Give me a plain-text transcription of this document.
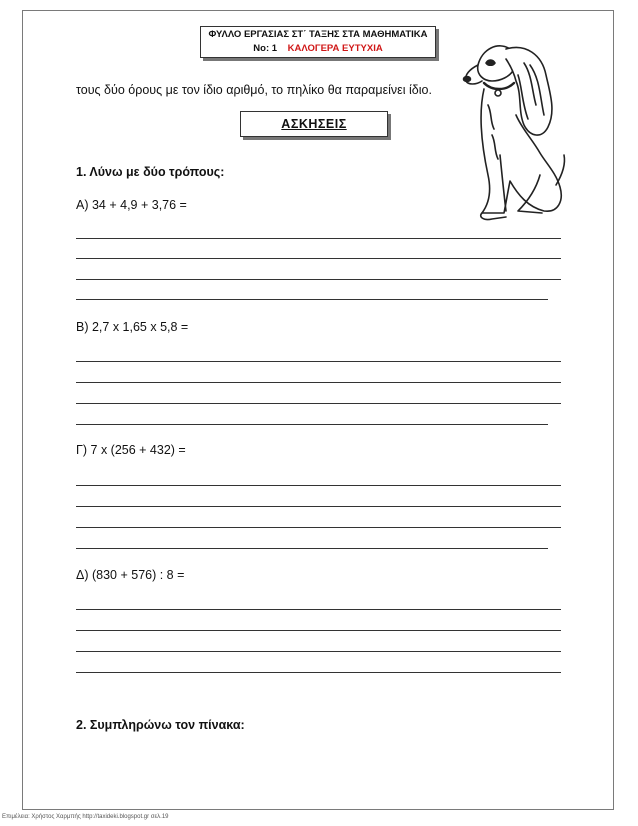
ΦΥΛΛΟ ΕΡΓΑΣΙΑΣ ΣΤ΄ ΤΑΞΗΣ ΣΤΑ ΜΑΘΗΜΑΤΙΚΑ
Νο: 1 ΚΑΛΟΓΕΡΑ ΕΥΤΥΧΙΑ
τους δύο όρους με τον ίδιο αριθμό, το πηλίκο θα παραμείνει ίδιο.
ΑΣΚΗΣΕΙΣ
1. Λύνω με δύο τρόπους:
Α) 34 + 4,9 + 3,76 =
Β) 2,7 x 1,65 x 5,8 =
Γ) 7 x (256 + 432) =
Δ) (830 + 576) : 8 =
2. Συμπληρώνω τον πίνακα:
Επιμέλεια: Χρήστος Χαρμπής http://taxideki.blogspot.gr σελ.19
